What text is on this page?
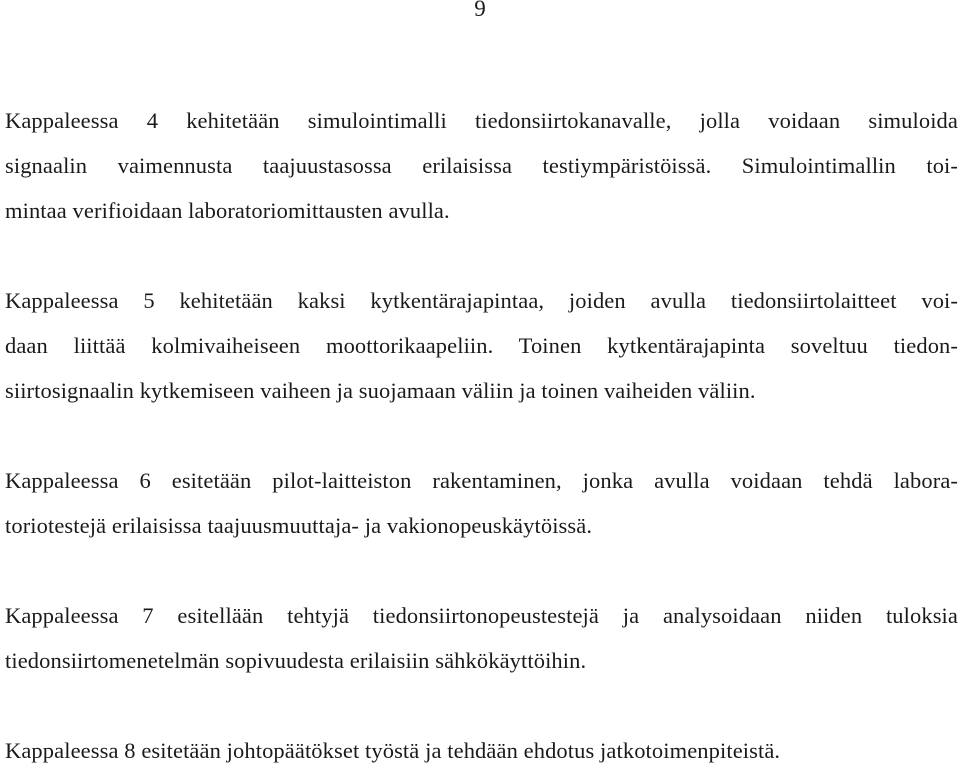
9

Kappaleessa 4 kehitetään simulointimalli tiedonsiirtokanavalle, jolla voidaan simuloida
signaalin vaimennusta taajuustasossa erilaisissa testiympäristöissä. Simulointimallin toi-
mintaa verifioidaan laboratoriomittausten avulla.

Kappaleessa 5 kehitetään kaksi kytkentärajapintaa, joiden avulla tiedonsiirtolaitteet voi-
daan liittää kolmivaiheiseen moottorikaapeliin. Toinen kytkentärajapinta soveltuu tiedon-
siirtosignaalin kytkemiseen vaiheen ja suojamaan väliin ja toinen vaiheiden väliin.

Kappaleessa 6 esitetään pilot-laitteiston rakentaminen, jonka avulla voidaan tehdä labora-
toriotestejä erilaisissa taajuusmuuttaja- ja vakionopeuskäytöissä.

Kappaleessa 7 esitellään tehtyjä tiedonsiirtonopeustestejä ja analysoidaan niiden tuloksia
tiedonsiirtomenetelmän sopivuudesta erilaisiin sähkökäyttöihin.

Kappaleessa 8 esitetään johtopäätökset työstä ja tehdään ehdotus jatkotoimenpiteistä.
